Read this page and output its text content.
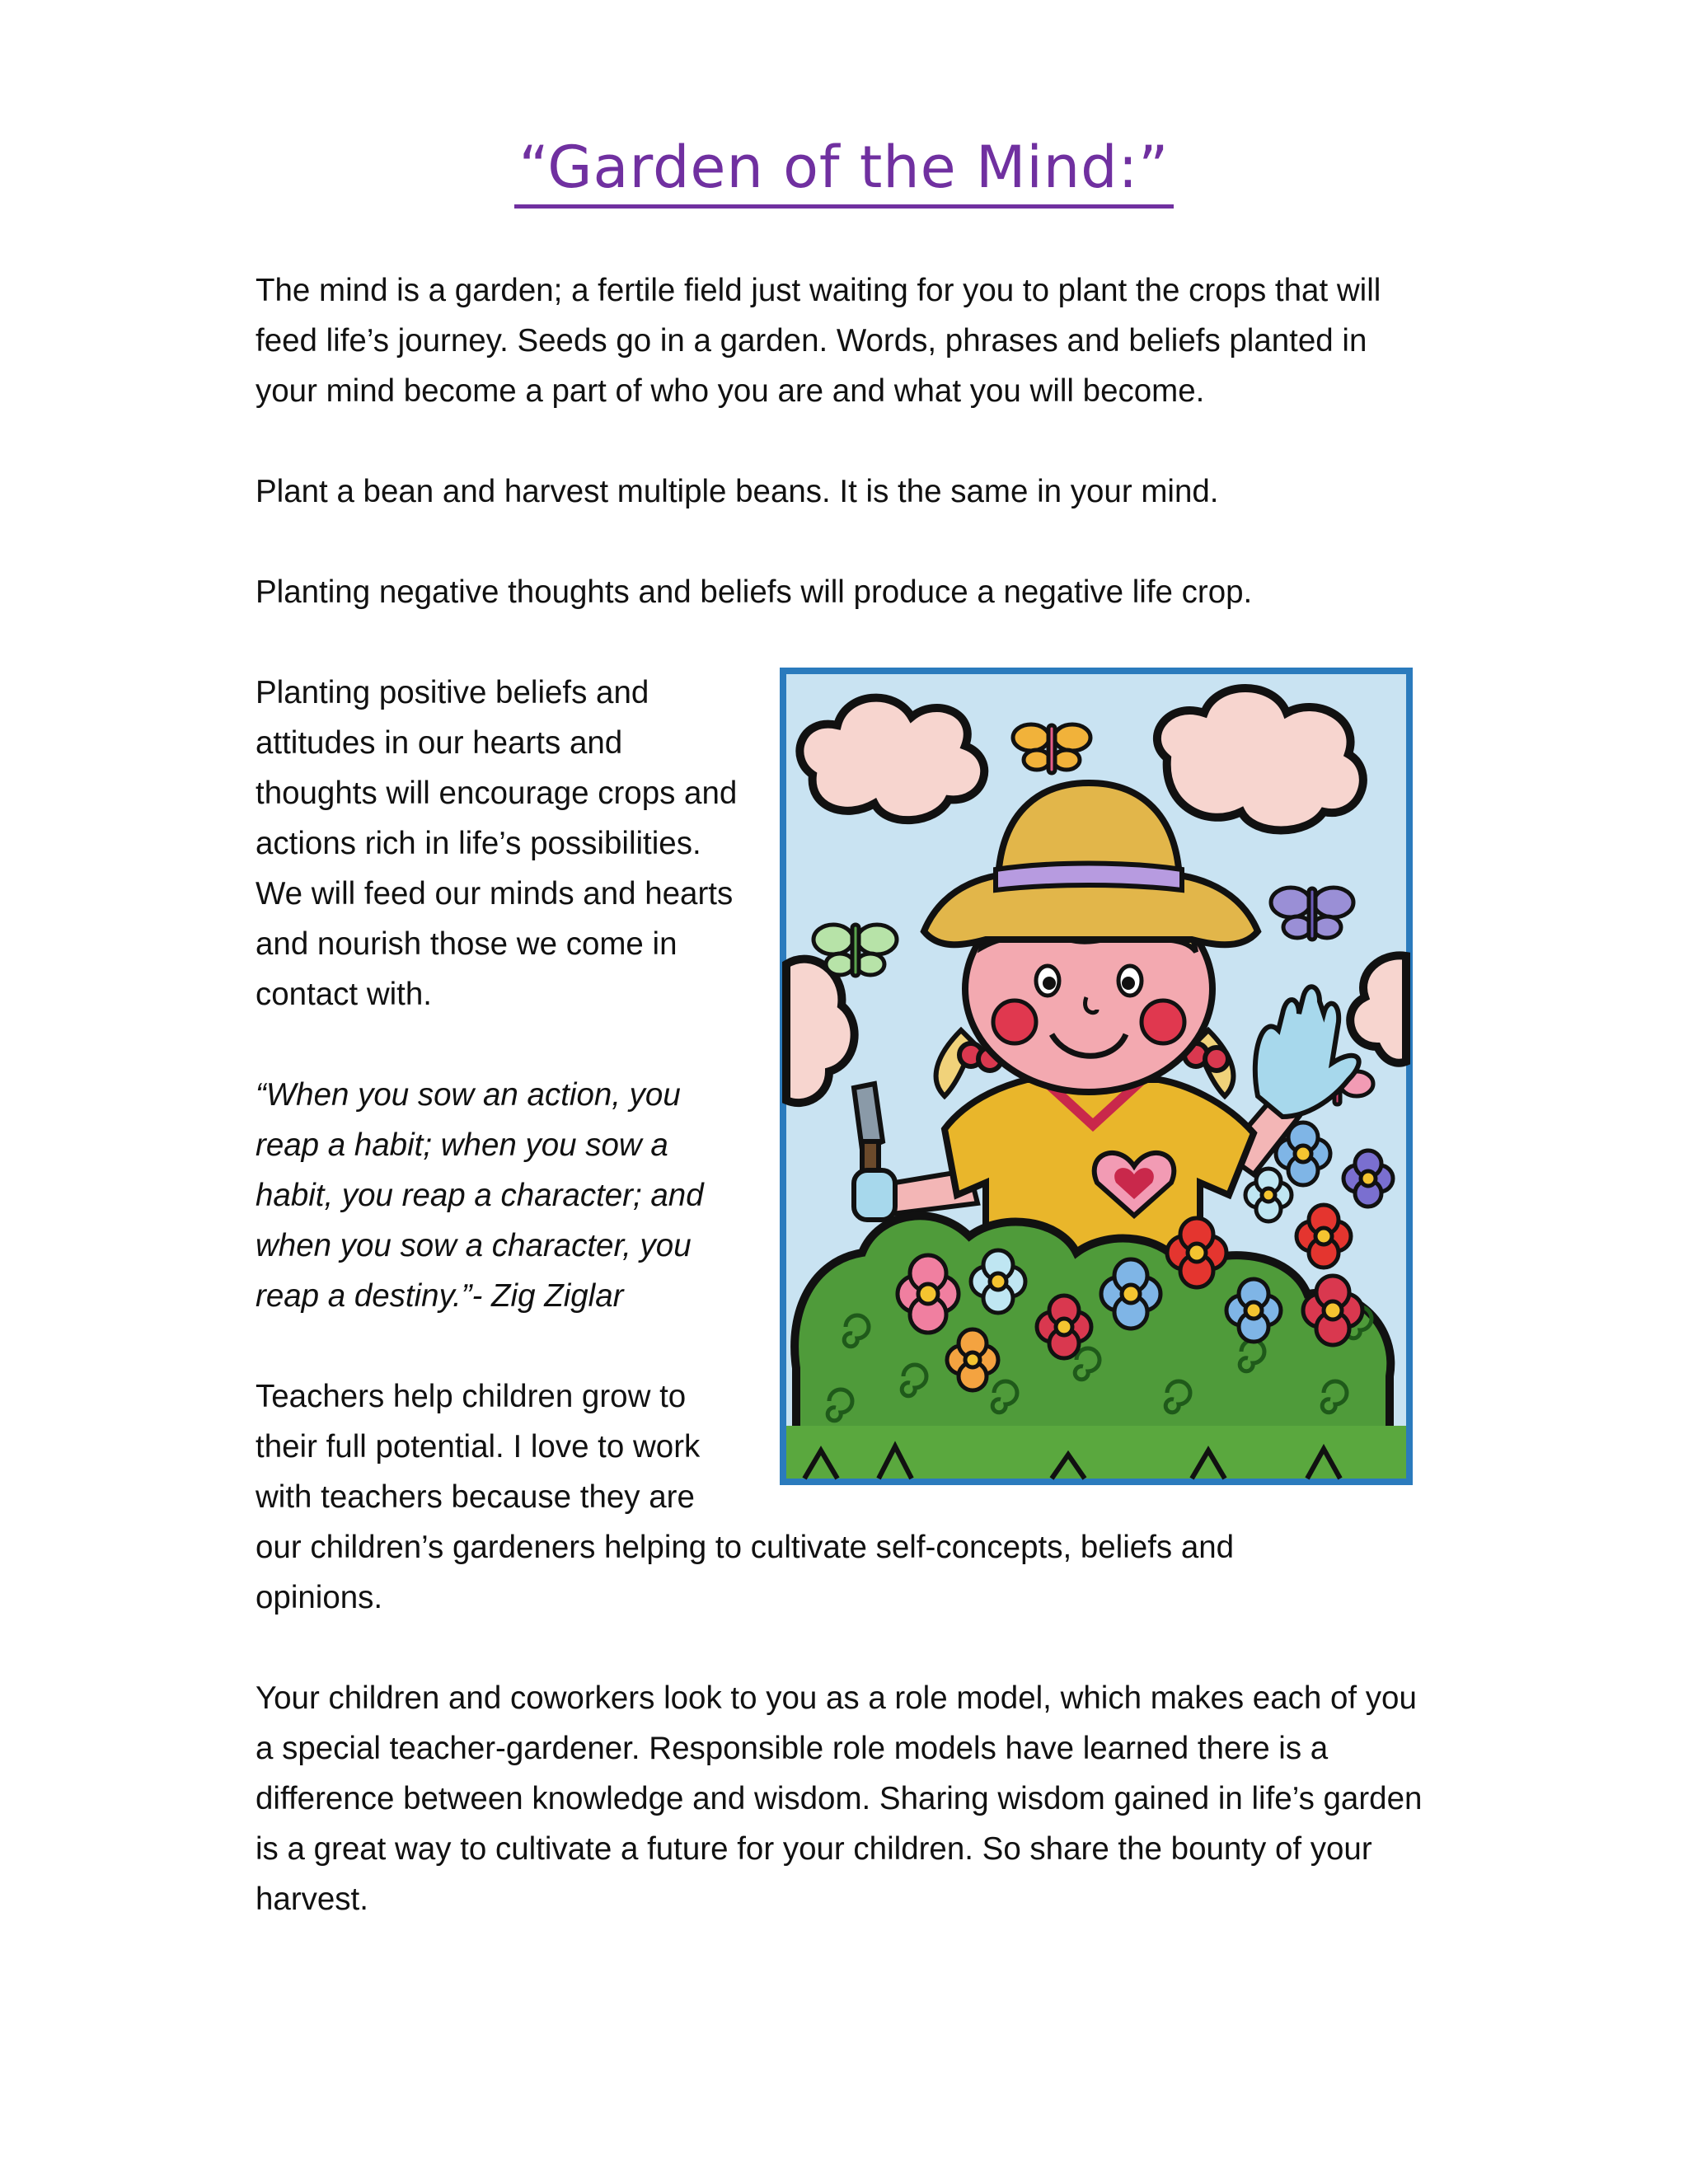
“Garden of the Mind:”

The mind is a garden; a fertile field just waiting for you to plant the crops that will feed life’s journey. Seeds go in a garden. Words, phrases and beliefs planted in your mind become a part of who you are and what you will become.

Plant a bean and harvest multiple beans. It is the same in your mind.

Planting negative thoughts and beliefs will produce a negative life crop.

Planting positive beliefs and attitudes in our hearts and thoughts will encourage crops and actions rich in life’s possibilities. We will feed our minds and hearts and nourish those we come in contact with.

“When you sow an action, you reap a habit; when you sow a habit, you reap a character; and when you sow a character, you reap a destiny.”- Zig Ziglar

Teachers help children grow to their full potential. I love to work with teachers because they are

our children’s gardeners helping to cultivate self-concepts, beliefs and opinions.

Your children and coworkers look to you as a role model, which makes each of you a special teacher-gardener. Responsible role models have learned there is a difference between knowledge and wisdom. Sharing wisdom gained in life’s garden is a great way to cultivate a future for your children. So share the bounty of your harvest.
